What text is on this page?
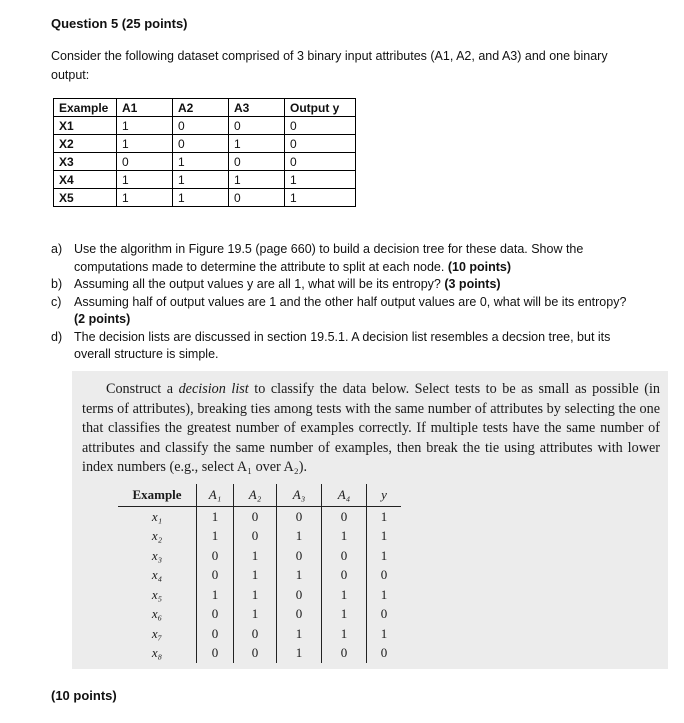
Question 5 (25 points)
Consider the following dataset comprised of 3 binary input attributes (A1, A2, and A3) and one binary output:
Example	A1	A2	A3	Output y
X1	1	0	0	0
X2	1	0	1	0
X3	0	1	0	0
X4	1	1	1	1
X5	1	1	0	1
a) Use the algorithm in Figure 19.5 (page 660) to build a decision tree for these data. Show the computations made to determine the attribute to split at each node. (10 points)
b) Assuming all the output values y are all 1, what will be its entropy? (3 points)
c) Assuming half of output values are 1 and the other half output values are 0, what will be its entropy? (2 points)
d) The decision lists are discussed in section 19.5.1. A decision list resembles a decsion tree, but its overall structure is simple.
Construct a decision list to classify the data below. Select tests to be as small as possible (in terms of attributes), breaking ties among tests with the same number of attributes by selecting the one that classifies the greatest number of examples correctly. If multiple tests have the same number of attributes and classify the same number of examples, then break the tie using attributes with lower index numbers (e.g., select A₁ over A₂).
Example	A₁	A₂	A₃	A₄	y
x₁	1	0	0	0	1
x₂	1	0	1	1	1
x₃	0	1	0	0	1
x₄	0	1	1	0	0
x₅	1	1	0	1	1
x₆	0	1	0	1	0
x₇	0	0	1	1	1
x₈	0	0	1	0	0
(10 points)
